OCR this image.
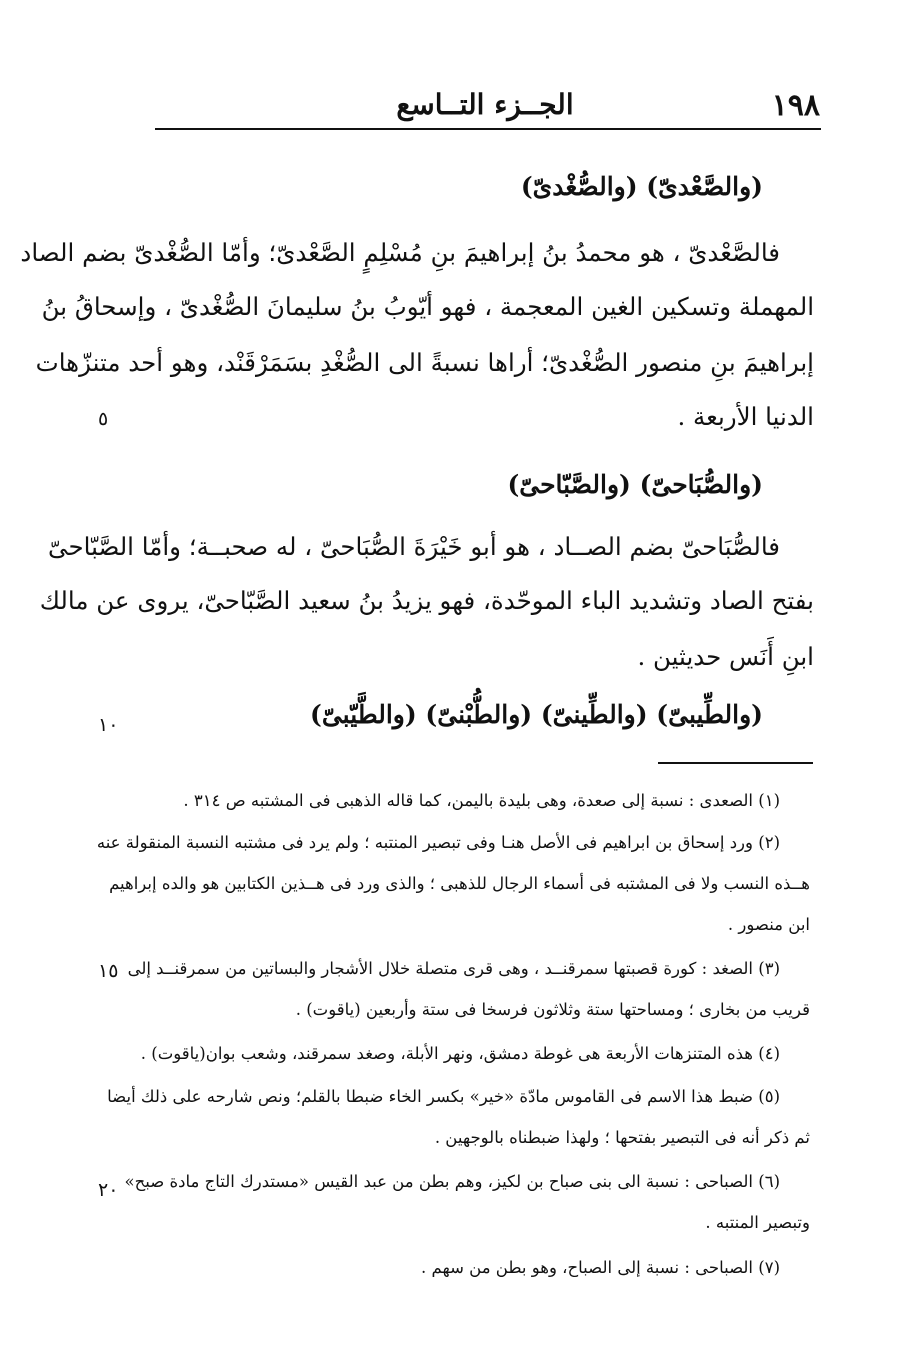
١٩٨
الجــزء التــاسع
(والصَّعْدىّ) (والصُّغْدىّ)
فالصَّعْدىّ ، هو محمدُ بنُ إبراهيمَ بنِ مُسْلِمٍ الصَّعْدىّ؛ وأمّا الصُّغْدىّ بضم الصاد
المهملة وتسكين الغين المعجمة ، فهو أيّوبُ بنُ سليمانَ الصُّغْدىّ ، وإسحاقُ بنُ
إبراهيمَ بنِ منصور الصُّغْدىّ؛ أراها نسبةً الى الصُّغْدِ بسَمَرْقَنْد، وهو أحد متنزّهات
الدنيا الأربعة .
(والصُّبَاحىّ) (والصَّبّاحىّ)
فالصُّبَاحىّ بضم الصــاد ، هو أبو خَيْرَةَ الصُّبَاحىّ ، له صحبــة؛ وأمّا الصَّبّاحىّ
بفتح الصاد وتشديد الباء الموحّدة، فهو يزيدُ بنُ سعيد الصَّبّاحىّ، يروى عن مالك
ابنِ أَنَس حديثين .
(والطِّيبىّ) (والطِّينىّ) (والطُّبْنىّ) (والطَّيّبىّ)
٥
١٠
١٥
٢٠
(١) الصعدى : نسبة إلى صعدة، وهى بليدة باليمن، كما قاله الذهبى فى المشتبه ص ٣١٤ .
(٢) ورد إسحاق بن ابراهيم فى الأصل هنـا وفى تبصير المنتبه ؛ ولم يرد فى مشتبه النسبة المنقولة عنه
هــذه النسب ولا فى المشتبه فى أسماء الرجال للذهبى ؛ والذى ورد فى هــذين الكتابين هو والده إبراهيم
ابن منصور .
(٣) الصغد : كورة قصبتها سمرقنــد ، وهى قرى متصلة خلال الأشجار والبساتين من سمرقنــد إلى
قريب من بخارى ؛ ومساحتها ستة وثلاثون فرسخا فى ستة وأربعين (ياقوت) .
(٤) هذه المتنزهات الأربعة هى غوطة دمشق، ونهر الأبلة، وصغد سمرقند، وشعب بوان(ياقوت) .
(٥) ضبط هذا الاسم فى القاموس مادّة «خير» بكسر الخاء ضبطا بالقلم؛ ونص شارحه على ذلك أيضا
ثم ذكر أنه فى التبصير بفتحها ؛ ولهذا ضبطناه بالوجهين .
(٦) الصباحى : نسبة الى بنى صباح بن لكيز، وهم بطن من عبد القيس «مستدرك التاج مادة صبح»
وتبصير المنتبه .
(٧) الصباحى : نسبة إلى الصباح، وهو بطن من سهم .
